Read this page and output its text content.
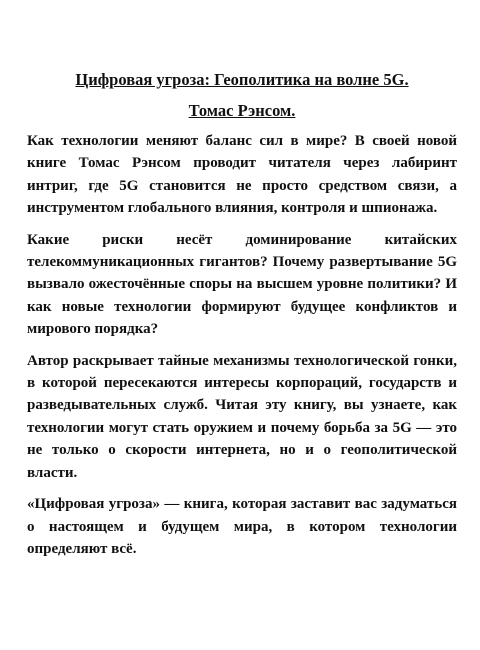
Цифровая угроза: Геополитика на волне 5G.
Томас Рэнсом.

Как технологии меняют баланс сил в мире? В своей новой книге Томас Рэнсом проводит читателя через лабиринт интриг, где 5G становится не просто средством связи, а инструментом глобального влияния, контроля и шпионажа.

Какие риски несёт доминирование китайских телекоммуникационных гигантов? Почему развертывание 5G вызвало ожесточённые споры на высшем уровне политики? И как новые технологии формируют будущее конфликтов и мирового порядка?

Автор раскрывает тайные механизмы технологической гонки, в которой пересекаются интересы корпораций, государств и разведывательных служб. Читая эту книгу, вы узнаете, как технологии могут стать оружием и почему борьба за 5G — это не только о скорости интернета, но и о геополитической власти.

«Цифровая угроза» — книга, которая заставит вас задуматься о настоящем и будущем мира, в котором технологии определяют всё.
